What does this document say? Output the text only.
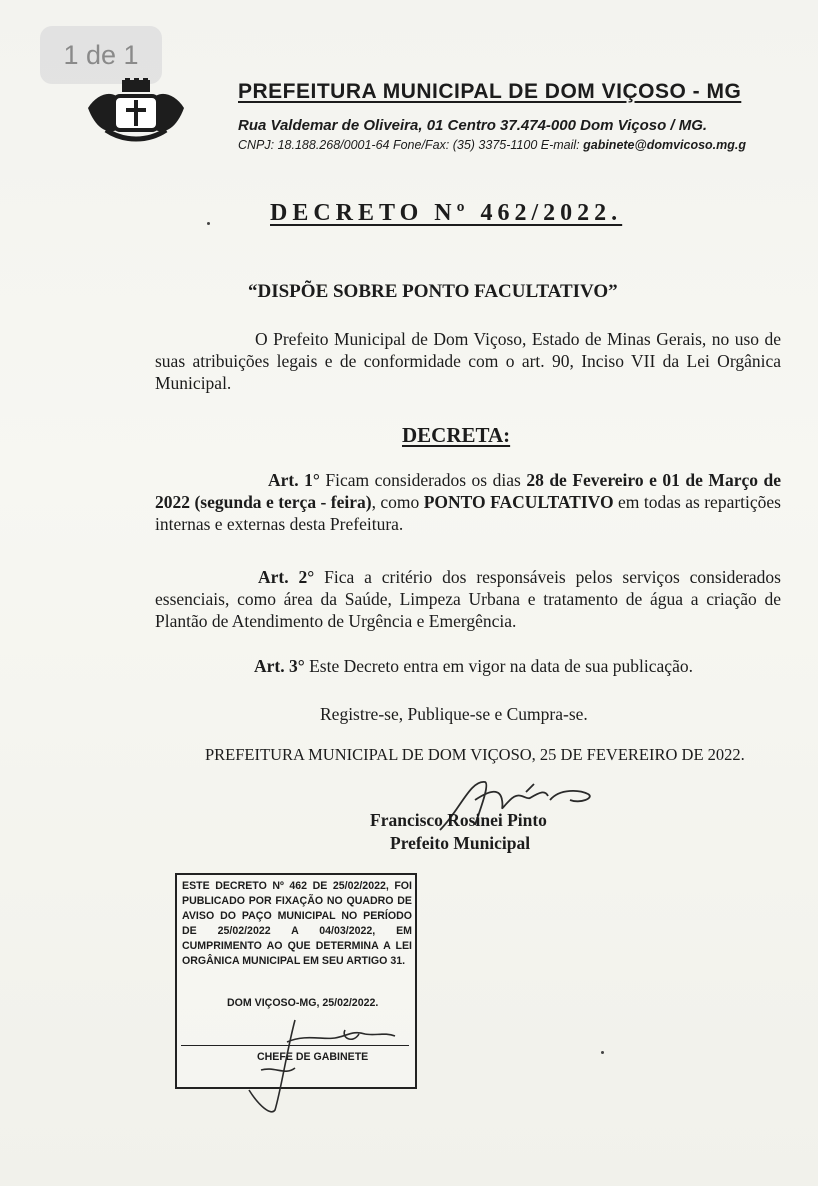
1 de 1
PREFEITURA MUNICIPAL DE DOM VIÇOSO - MG
Rua Valdemar de Oliveira, 01 Centro 37.474-000 Dom Viçoso / MG.
CNPJ: 18.188.268/0001-64 Fone/Fax: (35) 3375-1100 E-mail: gabinete@domvicoso.mg.g
DECRETO Nº 462/2022.
“DISPÕE SOBRE PONTO FACULTATIVO”
O Prefeito Municipal de Dom Viçoso, Estado de Minas Gerais, no uso de suas atribuições legais e de conformidade com o art. 90, Inciso VII da Lei Orgânica Municipal.
DECRETA:
Art. 1° Ficam considerados os dias 28 de Fevereiro e 01 de Março de 2022 (segunda e terça - feira), como PONTO FACULTATIVO em todas as repartições internas e externas desta Prefeitura.
Art. 2° Fica a critério dos responsáveis pelos serviços considerados essenciais, como área da Saúde, Limpeza Urbana e tratamento de água a criação de Plantão de Atendimento de Urgência e Emergência.
Art. 3° Este Decreto entra em vigor na data de sua publicação.
Registre-se, Publique-se e Cumpra-se.
PREFEITURA MUNICIPAL DE DOM VIÇOSO, 25 DE FEVEREIRO DE 2022.
Francisco Rosinei Pinto
Prefeito Municipal
ESTE DECRETO Nº 462 DE 25/02/2022, FOI PUBLICADO POR FIXAÇÃO NO QUADRO DE AVISO DO PAÇO MUNICIPAL NO PERÍODO DE 25/02/2022 A 04/03/2022, EM CUMPRIMENTO AO QUE DETERMINA A LEI ORGÂNICA MUNICIPAL EM SEU ARTIGO 31.
DOM VIÇOSO-MG, 25/02/2022.
CHEFE DE GABINETE
